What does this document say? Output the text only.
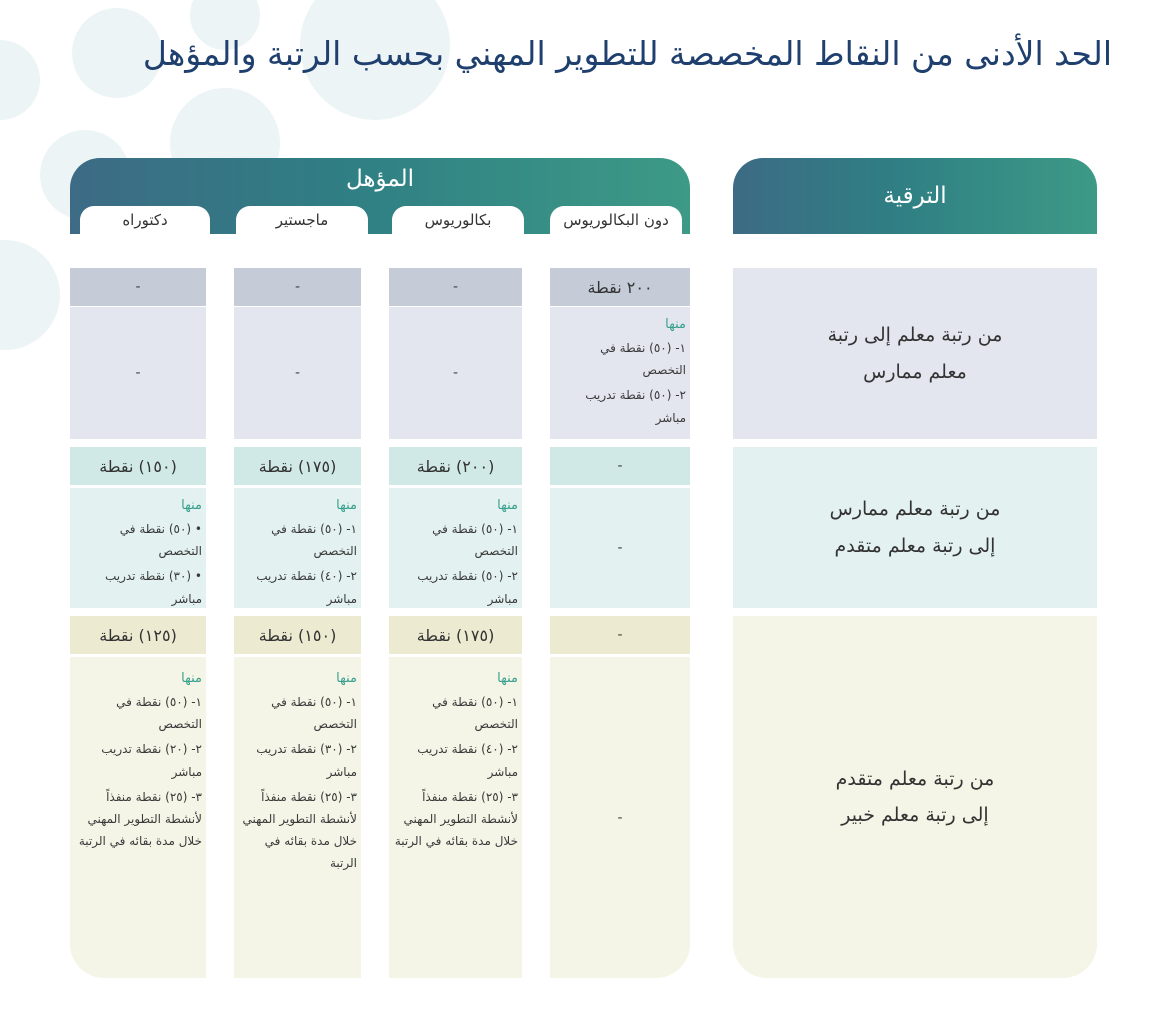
الحد الأدنى من النقاط المخصصة للتطوير المهني بحسب الرتبة والمؤهل
الترقية
المؤهل
دون البكالوريوس
بكالوريوس
ماجستير
دكتوراه
من رتبة معلم إلى رتبة
معلم ممارس
٢٠٠ نقطة
منها

١- (٥٠) نقطة في التخصص

٢- (٥٠) نقطة تدريب مباشر

-
-
-
-
-
-
من رتبة معلم ممارس
إلى رتبة معلم متقدم
-
-
(٢٠٠) نقطة
منها

١- (٥٠) نقطة في التخصص

٢- (٥٠) نقطة تدريب مباشر

(١٧٥) نقطة
منها

١- (٥٠) نقطة في التخصص

٢- (٤٠) نقطة تدريب مباشر

(١٥٠) نقطة
منها

• (٥٠) نقطة في التخصص

• (٣٠) نقطة تدريب مباشر

من رتبة معلم متقدم
إلى رتبة معلم خبير
-
-
(١٧٥) نقطة
منها

١- (٥٠) نقطة في التخصص

٢- (٤٠) نقطة تدريب مباشر

٣- (٢٥) نقطة منفذاً لأنشطة التطوير المهني خلال مدة بقائه في الرتبة

(١٥٠) نقطة
منها

١- (٥٠) نقطة في التخصص

٢- (٣٠) نقطة تدريب مباشر

٣- (٢٥) نقطة منفذاً لأنشطة التطوير المهني خلال مدة بقائه في الرتبة

(١٢٥) نقطة
منها

١- (٥٠) نقطة في التخصص

٢- (٢٠) نقطة تدريب مباشر

٣- (٢٥) نقطة منفذاً لأنشطة التطوير المهني خلال مدة بقائه في الرتبة
